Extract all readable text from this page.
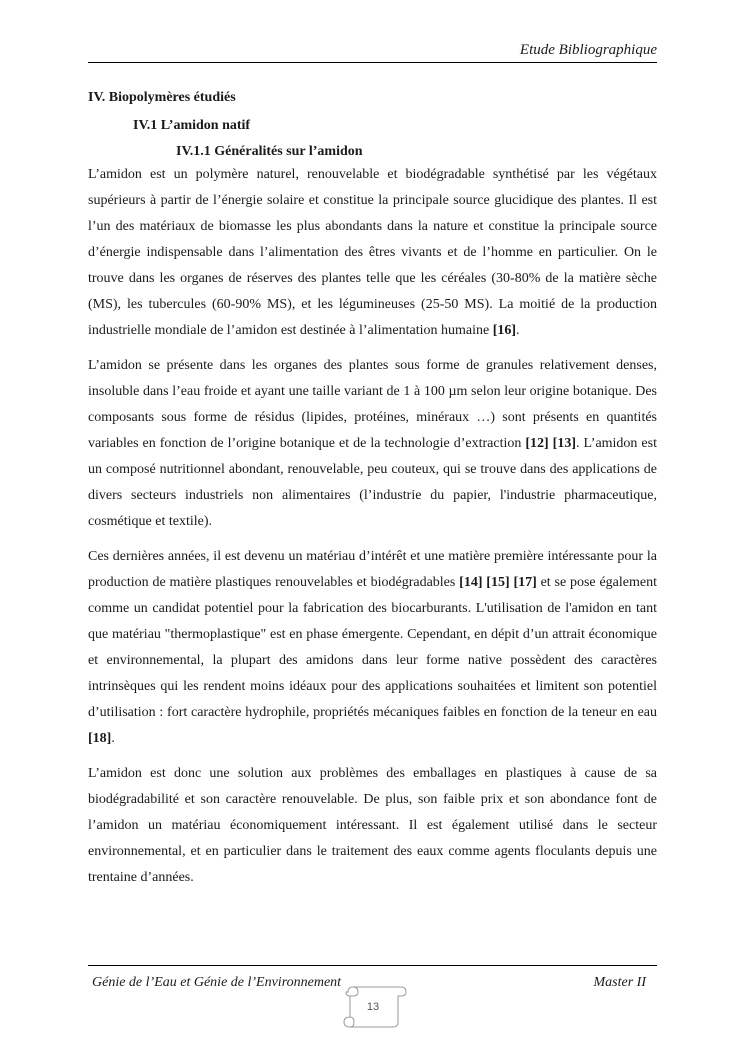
Etude Bibliographique
IV. Biopolymères étudiés
IV.1 L’amidon natif
IV.1.1 Généralités sur l’amidon

L’amidon est un polymère naturel, renouvelable et biodégradable synthétisé par les végétaux supérieurs à partir de l’énergie solaire et constitue la principale source glucidique des plantes. Il est l’un des matériaux de biomasse les plus abondants dans la nature et constitue la principale source d’énergie indispensable dans l’alimentation des êtres vivants et de l’homme en particulier. On le trouve dans les organes de réserves des plantes telle que les céréales (30-80% de la matière sèche (MS), les tubercules (60-90% MS), et les légumineuses (25-50 MS). La moitié de la production industrielle mondiale de l’amidon est destinée à l’alimentation humaine [16].

L’amidon se présente dans les organes des plantes sous forme de granules relativement denses, insoluble dans l’eau froide et ayant une taille variant de 1 à 100 µm selon leur origine botanique. Des composants sous forme de résidus (lipides, protéines, minéraux …) sont présents en quantités variables en fonction de l’origine botanique et de la technologie d’extraction [12] [13]. L’amidon est un composé nutritionnel abondant, renouvelable, peu couteux, qui se trouve dans des applications de divers secteurs industriels non alimentaires (l’industrie du papier, l'industrie pharmaceutique, cosmétique et textile).

Ces dernières années, il est devenu un matériau d’intérêt et une matière première intéressante pour la production de matière plastiques renouvelables et biodégradables [14] [15] [17] et se pose également comme un candidat potentiel pour la fabrication des biocarburants. L'utilisation de l'amidon en tant que matériau "thermoplastique" est en phase émergente. Cependant, en dépit d’un attrait économique et environnemental, la plupart des amidons dans leur forme native possèdent des caractères intrinsèques qui les rendent moins idéaux pour des applications souhaitées et limitent son potentiel d’utilisation : fort caractère hydrophile, propriétés mécaniques faibles en fonction de la teneur en eau [18].

L’amidon est donc une solution aux problèmes des emballages en plastiques à cause de sa biodégradabilité et son caractère renouvelable. De plus, son faible prix et son abondance font de l’amidon un matériau économiquement intéressant. Il est également utilisé dans le secteur environnemental, et en particulier dans le traitement des eaux comme agents floculants depuis une trentaine d’années.

Génie de l’Eau et Génie de l’Environnement	Master II
13
